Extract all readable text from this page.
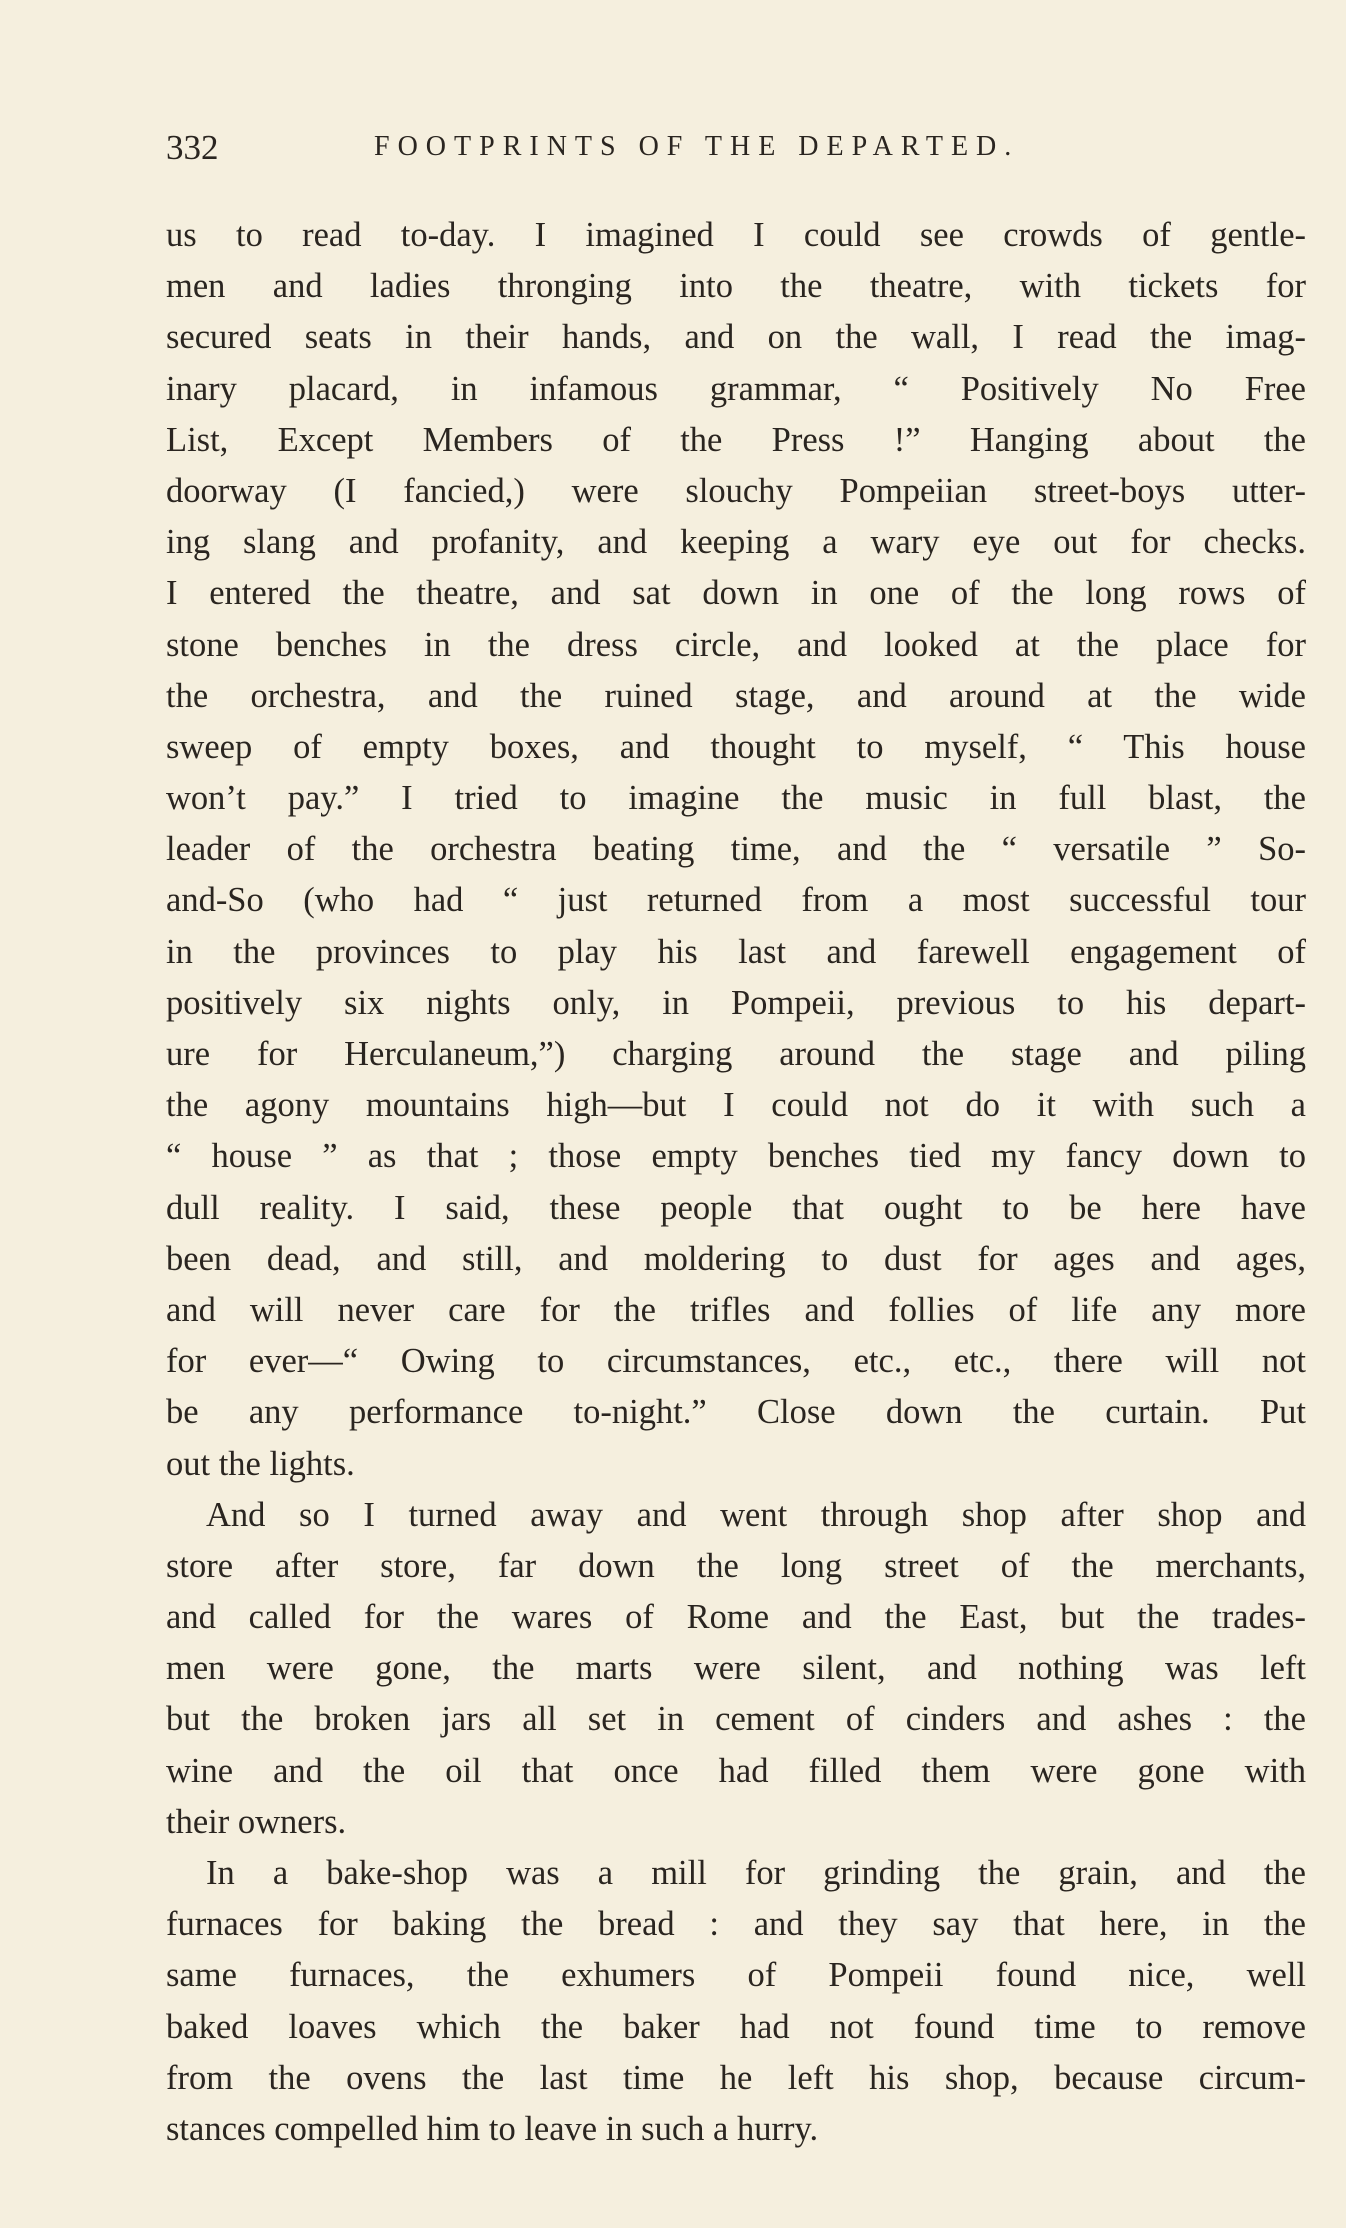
332	FOOTPRINTS OF THE DEPARTED.
us to read to-day. I imagined I could see crowds of gentle-
men and ladies thronging into the theatre, with tickets for
secured seats in their hands, and on the wall, I read the imag-
inary placard, in infamous grammar, “ Positively No Free
List, Except Members of the Press !” Hanging about the
doorway (I fancied,) were slouchy Pompeiian street-boys utter-
ing slang and profanity, and keeping a wary eye out for checks.
I entered the theatre, and sat down in one of the long rows of
stone benches in the dress circle, and looked at the place for
the orchestra, and the ruined stage, and around at the wide
sweep of empty boxes, and thought to myself, “ This house
won’t pay.” I tried to imagine the music in full blast, the
leader of the orchestra beating time, and the “ versatile ” So-
and-So (who had “ just returned from a most successful tour
in the provinces to play his last and farewell engagement of
positively six nights only, in Pompeii, previous to his depart-
ure for Herculaneum,”) charging around the stage and piling
the agony mountains high—but I could not do it with such a
“ house ” as that ; those empty benches tied my fancy down to
dull reality. I said, these people that ought to be here have
been dead, and still, and moldering to dust for ages and ages,
and will never care for the trifles and follies of life any more
for ever—“ Owing to circumstances, etc., etc., there will not
be any performance to-night.” Close down the curtain. Put
out the lights.
And so I turned away and went through shop after shop and
store after store, far down the long street of the merchants,
and called for the wares of Rome and the East, but the trades-
men were gone, the marts were silent, and nothing was left
but the broken jars all set in cement of cinders and ashes : the
wine and the oil that once had filled them were gone with
their owners.
In a bake-shop was a mill for grinding the grain, and the
furnaces for baking the bread : and they say that here, in the
same furnaces, the exhumers of Pompeii found nice, well
baked loaves which the baker had not found time to remove
from the ovens the last time he left his shop, because circum-
stances compelled him to leave in such a hurry.
